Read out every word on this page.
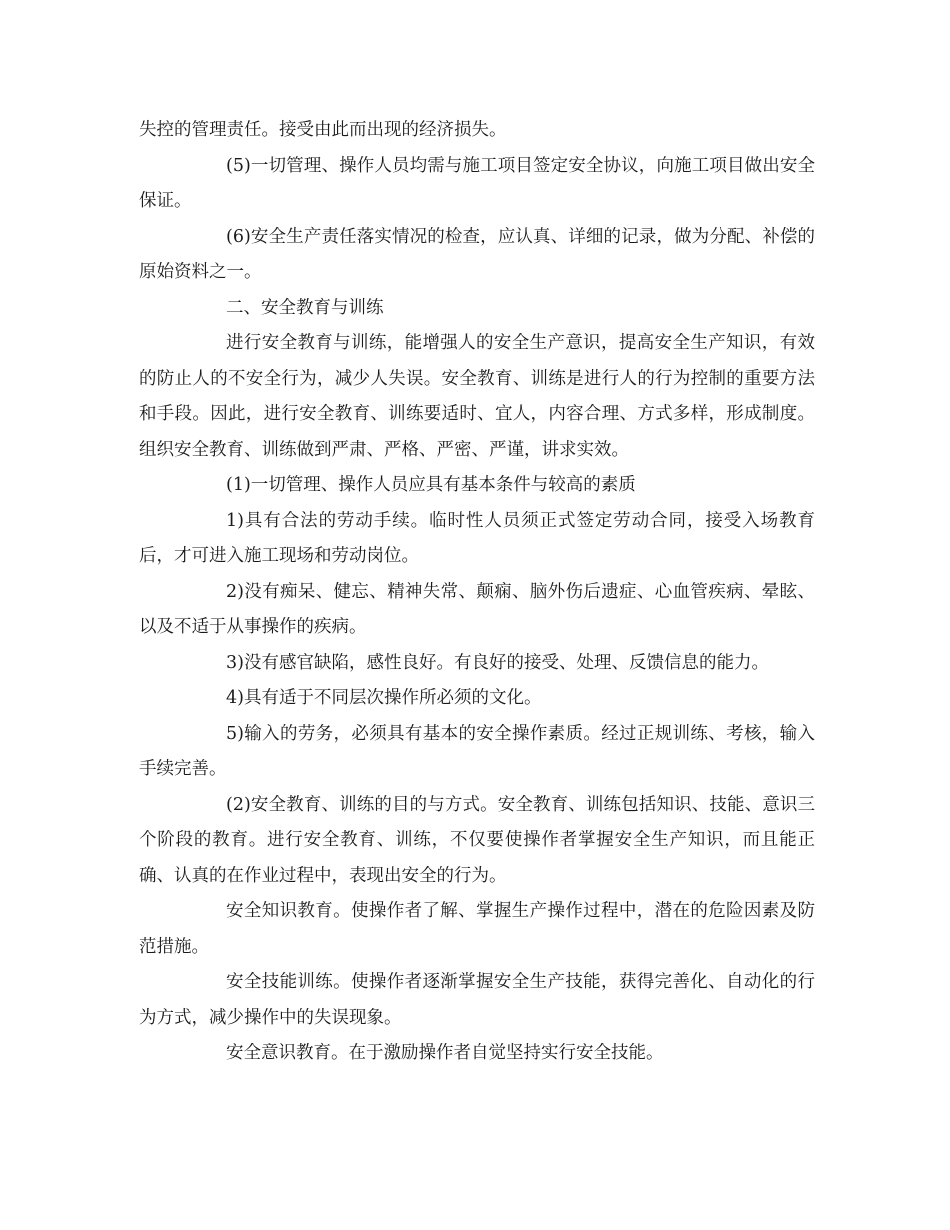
失控的管理责任。接受由此而出现的经济损失。

(5)一切管理、操作人员均需与施工项目签定安全协议，向施工项目做出安全保证。

(6)安全生产责任落实情况的检查，应认真、详细的记录，做为分配、补偿的原始资料之一。

二、安全教育与训练

进行安全教育与训练，能增强人的安全生产意识，提高安全生产知识，有效的防止人的不安全行为，减少人失误。安全教育、训练是进行人的行为控制的重要方法和手段。因此，进行安全教育、训练要适时、宜人，内容合理、方式多样，形成制度。组织安全教育、训练做到严肃、严格、严密、严谨，讲求实效。

(1)一切管理、操作人员应具有基本条件与较高的素质

1)具有合法的劳动手续。临时性人员须正式签定劳动合同，接受入场教育后，才可进入施工现场和劳动岗位。

2)没有痴呆、健忘、精神失常、颠痫、脑外伤后遗症、心血管疾病、晕眩、以及不适于从事操作的疾病。

3)没有感官缺陷，感性良好。有良好的接受、处理、反馈信息的能力。

4)具有适于不同层次操作所必须的文化。

5)输入的劳务，必须具有基本的安全操作素质。经过正规训练、考核，输入手续完善。

(2)安全教育、训练的目的与方式。安全教育、训练包括知识、技能、意识三个阶段的教育。进行安全教育、训练，不仅要使操作者掌握安全生产知识，而且能正确、认真的在作业过程中，表现出安全的行为。

安全知识教育。使操作者了解、掌握生产操作过程中，潜在的危险因素及防范措施。

安全技能训练。使操作者逐渐掌握安全生产技能，获得完善化、自动化的行为方式，减少操作中的失误现象。

安全意识教育。在于激励操作者自觉坚持实行安全技能。
